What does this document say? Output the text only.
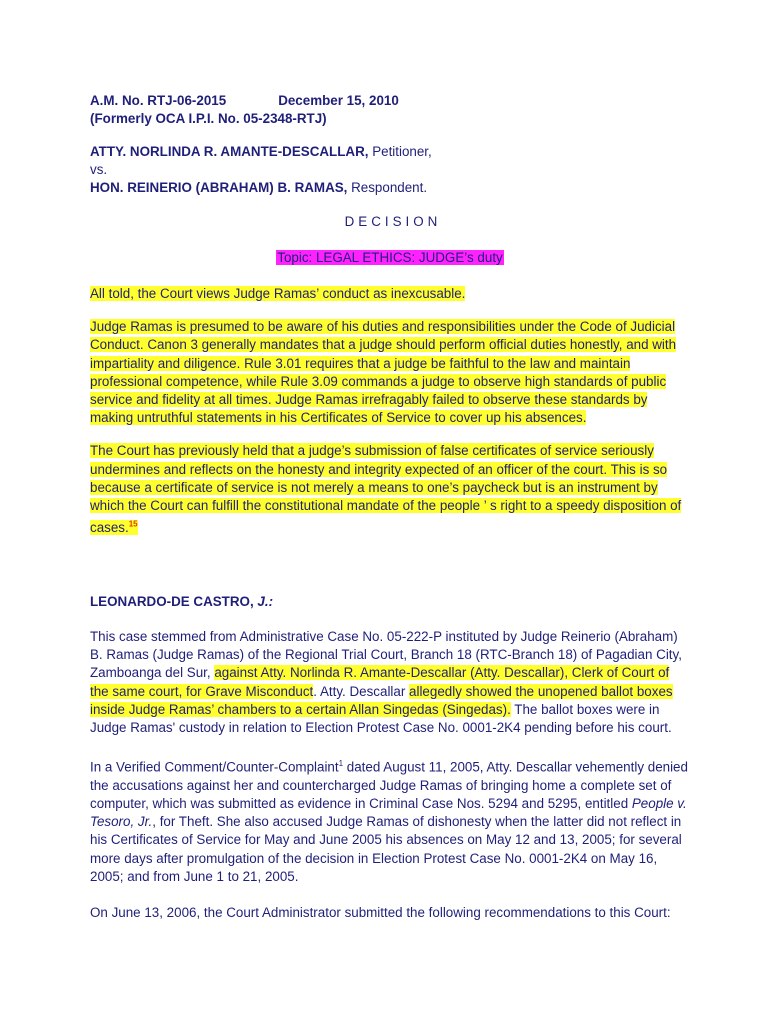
A.M. No. RTJ-06-2015	December 15, 2010
(Formerly OCA I.P.I. No. 05-2348-RTJ)
ATTY. NORLINDA R. AMANTE-DESCALLAR, Petitioner,
vs.
HON. REINERIO (ABRAHAM) B. RAMAS, Respondent.
DECISION
Topic: LEGAL ETHICS: JUDGE’s duty

All told, the Court views Judge Ramas’ conduct as inexcusable.

Judge Ramas is presumed to be aware of his duties and responsibilities under the Code of Judicial Conduct. Canon 3 generally mandates that a judge should perform official duties honestly, and with impartiality and diligence. Rule 3.01 requires that a judge be faithful to the law and maintain professional competence, while Rule 3.09 commands a judge to observe high standards of public service and fidelity at all times. Judge Ramas irrefragably failed to observe these standards by making untruthful statements in his Certificates of Service to cover up his absences.

The Court has previously held that a judge’s submission of false certificates of service seriously undermines and reflects on the honesty and integrity expected of an officer of the court. This is so because a certificate of service is not merely a means to one’s paycheck but is an instrument by which the Court can fulfill the constitutional mandate of the people ’ s right to a speedy disposition of cases.$^{15}$

LEONARDO-DE CASTRO, J.:

This case stemmed from Administrative Case No. 05-222-P instituted by Judge Reinerio (Abraham) B. Ramas (Judge Ramas) of the Regional Trial Court, Branch 18 (RTC-Branch 18) of Pagadian City, Zamboanga del Sur, against Atty. Norlinda R. Amante-Descallar (Atty. Descallar), Clerk of Court of the same court, for Grave Misconduct. Atty. Descallar allegedly showed the unopened ballot boxes inside Judge Ramas’ chambers to a certain Allan Singedas (Singedas). The ballot boxes were in Judge Ramas' custody in relation to Election Protest Case No. 0001-2K4 pending before his court.

In a Verified Comment/Counter-Complaint$^1$ dated August 11, 2005, Atty. Descallar vehemently denied the accusations against her and countercharged Judge Ramas of bringing home a complete set of computer, which was submitted as evidence in Criminal Case Nos. 5294 and 5295, entitled People v. Tesoro, Jr., for Theft. She also accused Judge Ramas of dishonesty when the latter did not reflect in his Certificates of Service for May and June 2005 his absences on May 12 and 13, 2005; for several more days after promulgation of the decision in Election Protest Case No. 0001-2K4 on May 16, 2005; and from June 1 to 21, 2005.

On June 13, 2006, the Court Administrator submitted the following recommendations to this Court:
